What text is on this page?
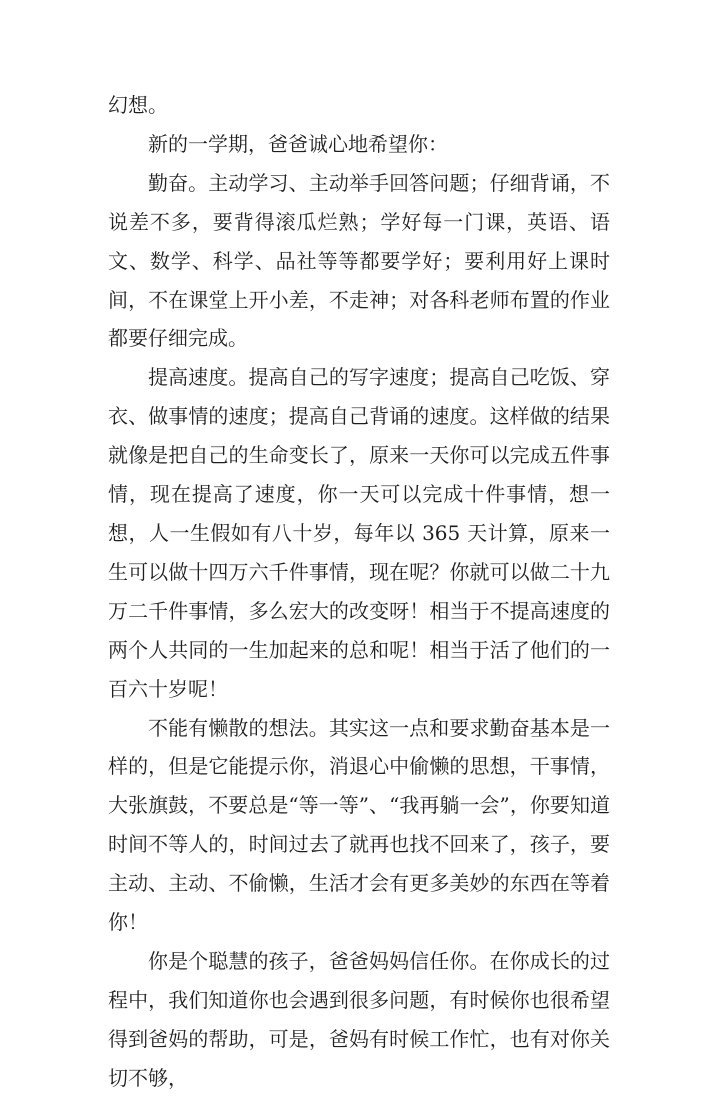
幻想。

新的一学期，爸爸诚心地希望你：

勤奋。主动学习、主动举手回答问题；仔细背诵，不说差不多，要背得滚瓜烂熟；学好每一门课，英语、语文、数学、科学、品社等等都要学好；要利用好上课时间，不在课堂上开小差，不走神；对各科老师布置的作业都要仔细完成。

提高速度。提高自己的写字速度；提高自己吃饭、穿衣、做事情的速度；提高自己背诵的速度。这样做的结果就像是把自己的生命变长了，原来一天你可以完成五件事情，现在提高了速度，你一天可以完成十件事情，想一想，人一生假如有八十岁，每年以 365 天计算，原来一生可以做十四万六千件事情，现在呢？你就可以做二十九万二千件事情，多么宏大的改变呀！相当于不提高速度的两个人共同的一生加起来的总和呢！相当于活了他们的一百六十岁呢！

不能有懒散的想法。其实这一点和要求勤奋基本是一样的，但是它能提示你，消退心中偷懒的思想，干事情，大张旗鼓，不要总是“等一等”、“我再躺一会”，你要知道时间不等人的，时间过去了就再也找不回来了，孩子，要主动、主动、不偷懒，生活才会有更多美妙的东西在等着你！

你是个聪慧的孩子，爸爸妈妈信任你。在你成长的过程中，我们知道你也会遇到很多问题，有时候你也很希望得到爸妈的帮助，可是，爸妈有时候工作忙，也有对你关切不够，
